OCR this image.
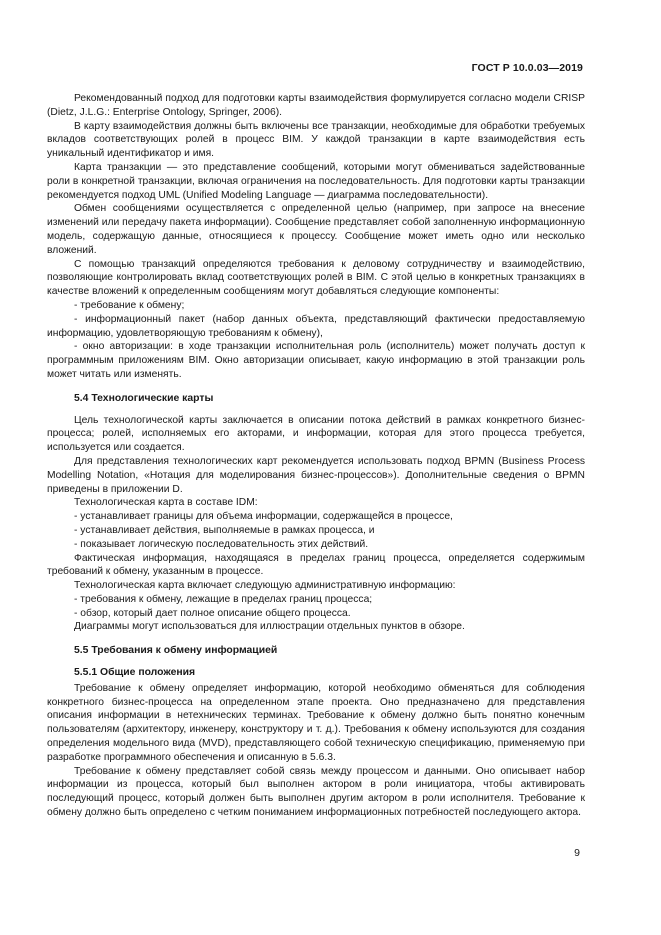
ГОСТ Р 10.0.03—2019

Рекомендованный подход для подготовки карты взаимодействия формулируется согласно модели CRISP (Dietz, J.L.G.: Enterprise Ontology, Springer, 2006).

В карту взаимодействия должны быть включены все транзакции, необходимые для обработки требуемых вкладов соответствующих ролей в процесс BIM. У каждой транзакции в карте взаимодействия есть уникальный идентификатор и имя.

Карта транзакции — это представление сообщений, которыми могут обмениваться задействованные роли в конкретной транзакции, включая ограничения на последовательность. Для подготовки карты транзакции рекомендуется подход UML (Unified Modeling Language — диаграмма последовательности).

Обмен сообщениями осуществляется с определенной целью (например, при запросе на внесение изменений или передачу пакета информации). Сообщение представляет собой заполненную информационную модель, содержащую данные, относящиеся к процессу. Сообщение может иметь одно или несколько вложений.

С помощью транзакций определяются требования к деловому сотрудничеству и взаимодействию, позволяющие контролировать вклад соответствующих ролей в BIM. С этой целью в конкретных транзакциях в качестве вложений к определенным сообщениям могут добавляться следующие компоненты:

- требование к обмену;

- информационный пакет (набор данных объекта, представляющий фактически предоставляемую информацию, удовлетворяющую требованиям к обмену),

- окно авторизации: в ходе транзакции исполнительная роль (исполнитель) может получать доступ к программным приложениям BIM. Окно авторизации описывает, какую информацию в этой транзакции роль может читать или изменять.

5.4 Технологические карты

Цель технологической карты заключается в описании потока действий в рамках конкретного бизнес-процесса; ролей, исполняемых его акторами, и информации, которая для этого процесса требуется, используется или создается.

Для представления технологических карт рекомендуется использовать подход BPMN (Business Process Modelling Notation, «Нотация для моделирования бизнес-процессов»). Дополнительные сведения о BPMN приведены в приложении D.

Технологическая карта в составе IDM:

- устанавливает границы для объема информации, содержащейся в процессе,

- устанавливает действия, выполняемые в рамках процесса, и

- показывает логическую последовательность этих действий.

Фактическая информация, находящаяся в пределах границ процесса, определяется содержимым требований к обмену, указанным в процессе.

Технологическая карта включает следующую административную информацию:

- требования к обмену, лежащие в пределах границ процесса;

- обзор, который дает полное описание общего процесса.

Диаграммы могут использоваться для иллюстрации отдельных пунктов в обзоре.

5.5 Требования к обмену информацией
5.5.1 Общие положения

Требование к обмену определяет информацию, которой необходимо обменяться для соблюдения конкретного бизнес-процесса на определенном этапе проекта. Оно предназначено для представления описания информации в нетехнических терминах. Требование к обмену должно быть понятно конечным пользователям (архитектору, инженеру, конструктору и т. д.). Требования к обмену используются для создания определения модельного вида (MVD), представляющего собой техническую спецификацию, применяемую при разработке программного обеспечения и описанную в 5.6.3.

Требование к обмену представляет собой связь между процессом и данными. Оно описывает набор информации из процесса, который был выполнен актором в роли инициатора, чтобы активировать последующий процесс, который должен быть выполнен другим актором в роли исполнителя. Требование к обмену должно быть определено с четким пониманием информационных потребностей последующего актора.

9
